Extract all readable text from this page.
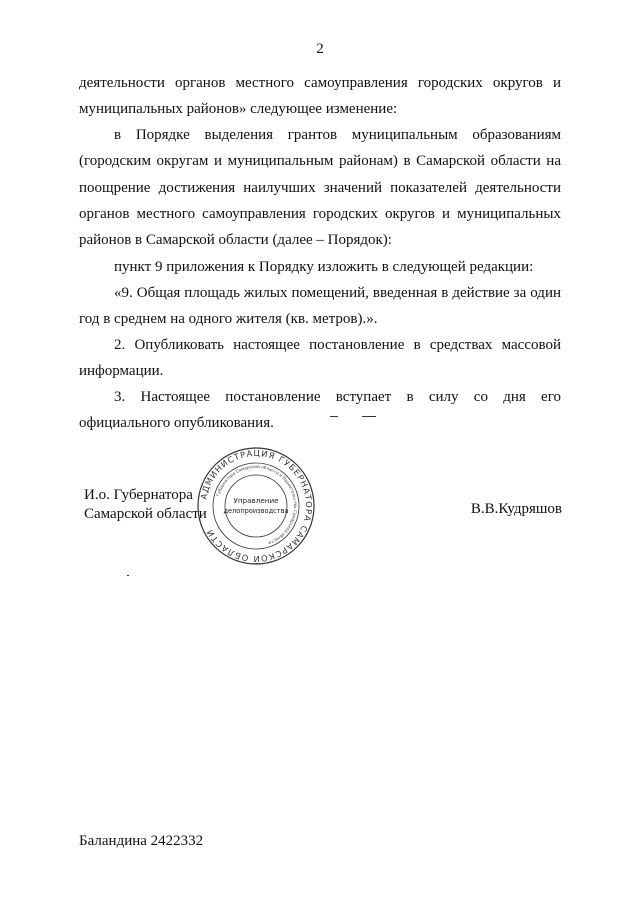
2
деятельности органов местного самоуправления городских округов и
муниципальных районов» следующее изменение:
в Порядке выделения грантов муниципальным образованиям
(городским округам и муниципальным районам) в Самарской области на
поощрение достижения наилучших значений показателей деятельности
органов местного самоуправления городских округов и муниципальных
районов в Самарской области (далее – Порядок):
пункт 9 приложения к Порядку изложить в следующей редакции:
«9. Общая площадь жилых помещений, введенная в действие за один
год в среднем на одного жителя (кв. метров).».
2. Опубликовать настоящее постановление в средствах массовой
информации.
3. Настоящее постановление вступает в силу со дня его
официального опубликования.
И.о. Губернатора
Самарской области
АДМИНИСТРАЦИЯ ГУБЕРНАТОРА САМАРСКОЙ ОБЛАСТИ
Губернатора Самарской области и Правительства Самарской области
Управление
делопроизводства	В.В.Кудряшов
Баландина 2422332
